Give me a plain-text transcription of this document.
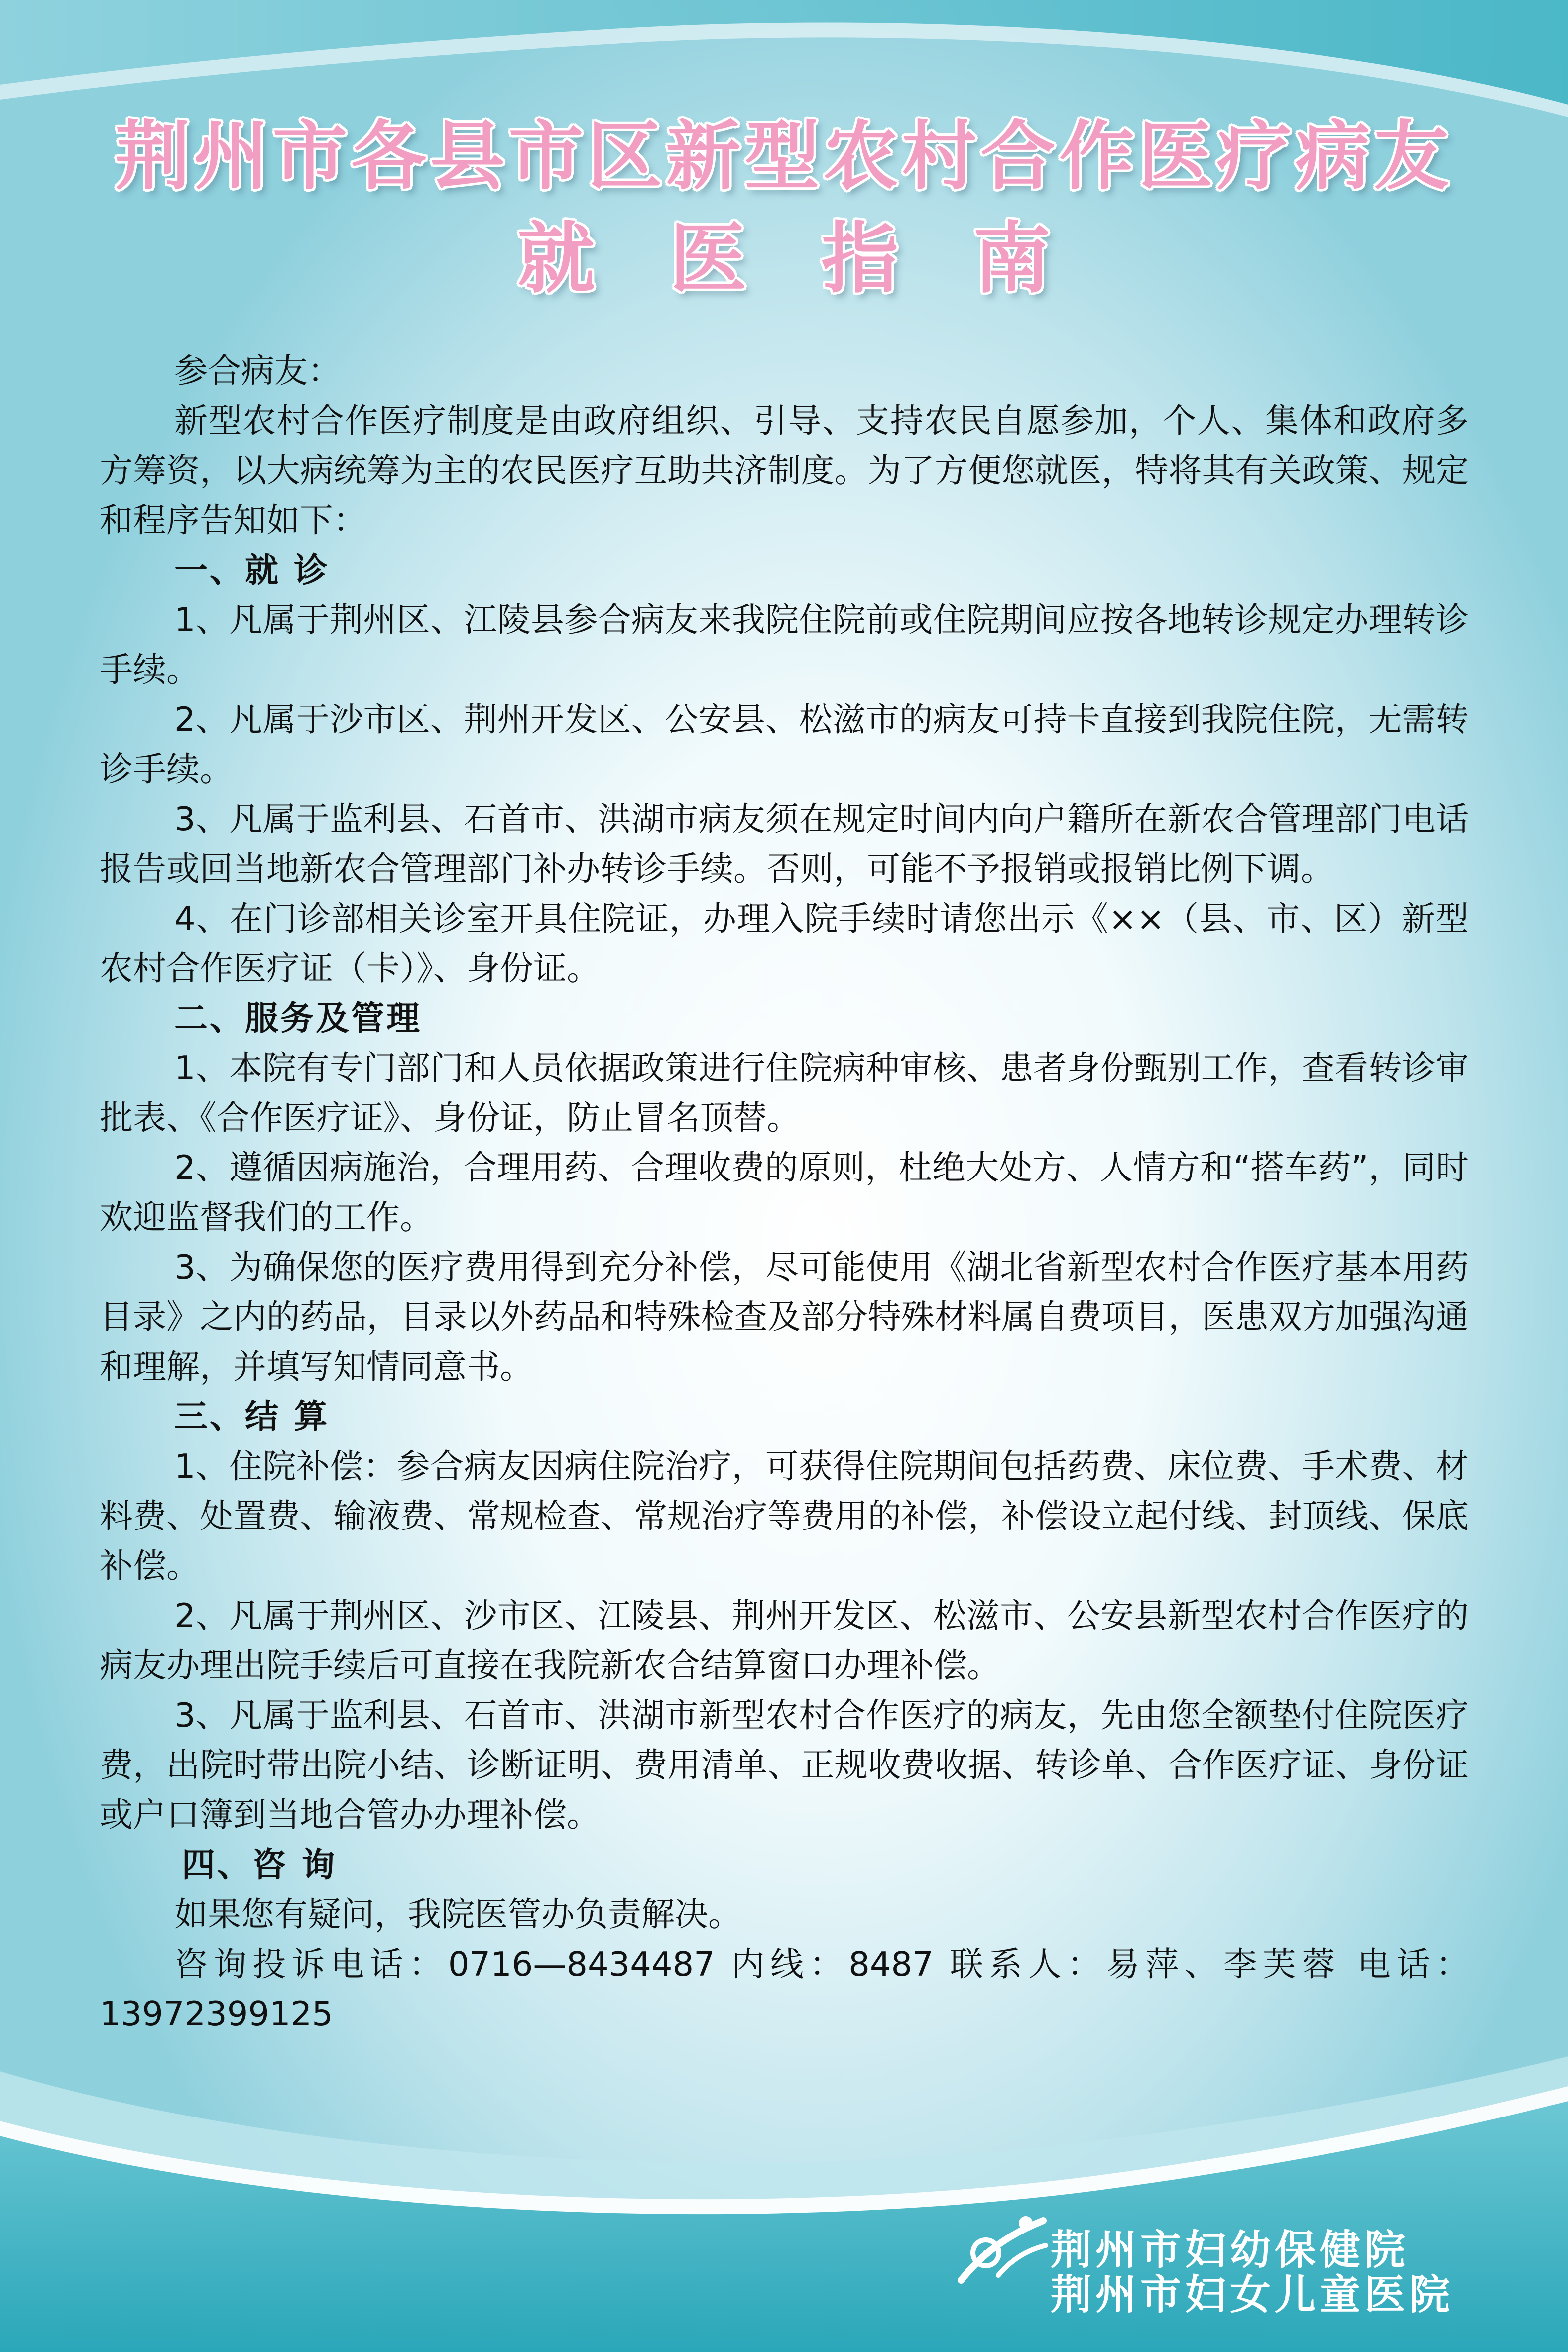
荆州市各县市区新型农村合作医疗病友
就医指南

参合病友：

新型农村合作医疗制度是由政府组织、引导、支持农民自愿参加，个人、集体和政府多方筹资，以大病统筹为主的农民医疗互助共济制度。为了方便您就医，特将其有关政策、规定和程序告知如下：

一、就 诊

1、凡属于荆州区、江陵县参合病友来我院住院前或住院期间应按各地转诊规定办理转诊手续。

2、凡属于沙市区、荆州开发区、公安县、松滋市的病友可持卡直接到我院住院，无需转诊手续。

3、凡属于监利县、石首市、洪湖市病友须在规定时间内向户籍所在新农合管理部门电话报告或回当地新农合管理部门补办转诊手续。否则，可能不予报销或报销比例下调。

4、在门诊部相关诊室开具住院证，办理入院手续时请您出示《××（县、市、区）新型农村合作医疗证（卡）》、身份证。

二、服务及管理

1、本院有专门部门和人员依据政策进行住院病种审核、患者身份甄别工作，查看转诊审批表、《合作医疗证》、身份证，防止冒名顶替。

2、遵循因病施治，合理用药、合理收费的原则，杜绝大处方、人情方和“搭车药”，同时欢迎监督我们的工作。

3、为确保您的医疗费用得到充分补偿，尽可能使用《湖北省新型农村合作医疗基本用药目录》之内的药品，目录以外药品和特殊检查及部分特殊材料属自费项目，医患双方加强沟通和理解，并填写知情同意书。

三、结 算

1、住院补偿：参合病友因病住院治疗，可获得住院期间包括药费、床位费、手术费、材料费、处置费、输液费、常规检查、常规治疗等费用的补偿，补偿设立起付线、封顶线、保底补偿。

2、凡属于荆州区、沙市区、江陵县、荆州开发区、松滋市、公安县新型农村合作医疗的病友办理出院手续后可直接在我院新农合结算窗口办理补偿。

3、凡属于监利县、石首市、洪湖市新型农村合作医疗的病友，先由您全额垫付住院医疗费，出院时带出院小结、诊断证明、费用清单、正规收费收据、转诊单、合作医疗证、身份证或户口簿到当地合管办办理补偿。

四、咨 询

如果您有疑问，我院医管办负责解决。

咨询投诉电话：0716—8434487 内线：8487 联系人：易萍、李芙蓉 电话：13972399125

荆州市妇幼保健院
荆州市妇女儿童医院
